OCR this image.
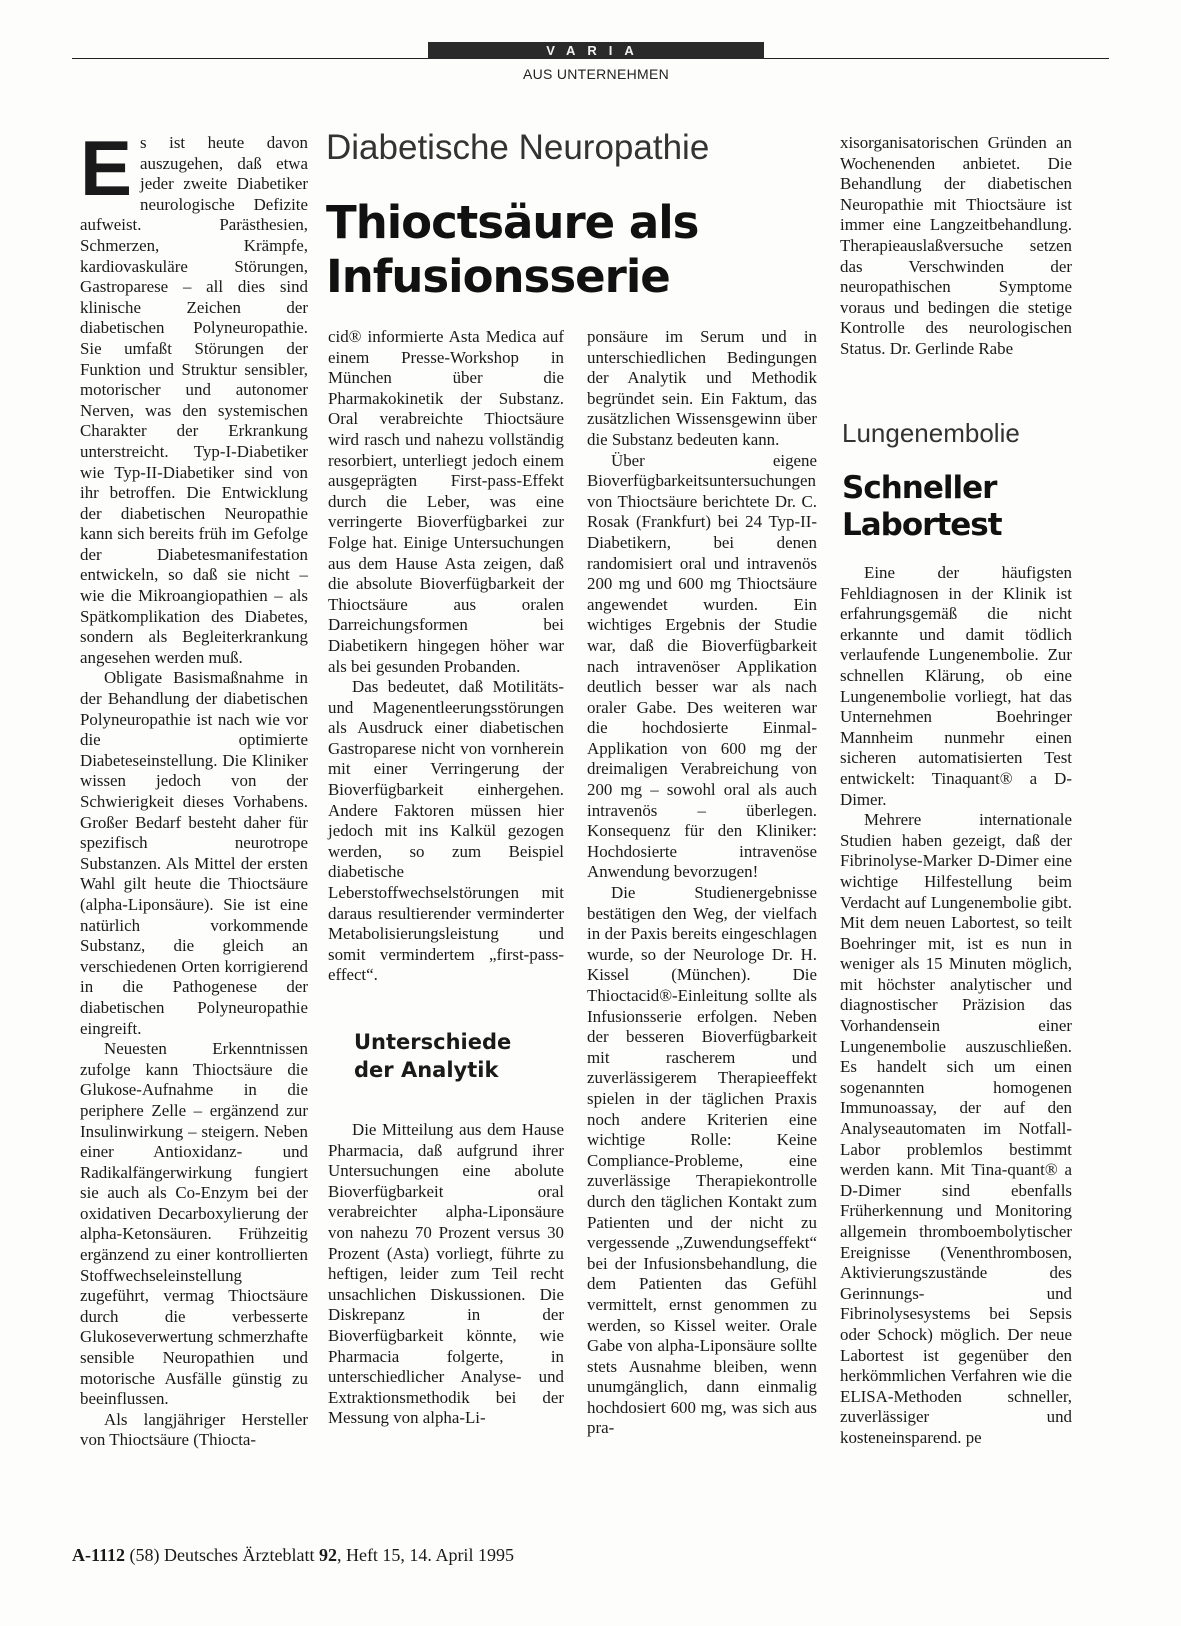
VARIA
AUS UNTERNEHMEN
Diabetische Neuropathie
Thioctsäure als
Infusionsserie

Es ist heute davon auszugehen, daß etwa jeder zweite Diabetiker neurologische Defizite aufweist. Parästhesien, Schmerzen, Krämpfe, kardiovaskuläre Störungen, Gastroparese – all dies sind klinische Zeichen der diabetischen Polyneuropathie. Sie umfaßt Störungen der Funktion und Struktur sensibler, motorischer und autonomer Nerven, was den systemischen Charakter der Erkrankung unterstreicht. Typ-I-Diabetiker wie Typ-II-Diabetiker sind von ihr betroffen. Die Entwicklung der diabetischen Neuropathie kann sich bereits früh im Gefolge der Diabetesmanifestation entwickeln, so daß sie nicht – wie die Mikroangiopathien – als Spätkomplikation des Diabetes, sondern als Begleiterkrankung angesehen werden muß.

Obligate Basismaßnahme in der Behandlung der diabetischen Polyneuropathie ist nach wie vor die optimierte Diabeteseinstellung. Die Kliniker wissen jedoch von der Schwierigkeit dieses Vorhabens. Großer Bedarf besteht daher für spezifisch neurotrope Substanzen. Als Mittel der ersten Wahl gilt heute die Thioctsäure (alpha-Liponsäure). Sie ist eine natürlich vorkommende Substanz, die gleich an verschiedenen Orten korrigierend in die Pathogenese der diabetischen Polyneuropathie eingreift.

Neuesten Erkenntnissen zufolge kann Thioctsäure die Glukose-Aufnahme in die periphere Zelle – ergänzend zur Insulinwirkung – steigern. Neben einer Antioxidanz- und Radikalfängerwirkung fungiert sie auch als Co-Enzym bei der oxidativen Decarboxylierung der alpha-Ketonsäuren. Frühzeitig ergänzend zu einer kontrollierten Stoffwechseleinstellung zugeführt, vermag Thioctsäure durch die verbesserte Glukoseverwertung schmerzhafte sensible Neuropathien und motorische Ausfälle günstig zu beeinflussen.

Als langjähriger Hersteller von Thioctsäure (Thiocta-

cid® informierte Asta Medica auf einem Presse-Workshop in München über die Pharmakokinetik der Substanz. Oral verabreichte Thioctsäure wird rasch und nahezu vollständig resorbiert, unterliegt jedoch einem ausgeprägten First-pass-Effekt durch die Leber, was eine verringerte Bioverfügbarkei zur Folge hat. Einige Untersuchungen aus dem Hause Asta zeigen, daß die absolute Bioverfügbarkeit der Thioctsäure aus oralen Darreichungsformen bei Diabetikern hingegen höher war als bei gesunden Probanden.

Das bedeutet, daß Motilitäts- und Magenentleerungsstörungen als Ausdruck einer diabetischen Gastroparese nicht von vornherein mit einer Verringerung der Bioverfügbarkeit einhergehen. Andere Faktoren müssen hier jedoch mit ins Kalkül gezogen werden, so zum Beispiel diabetische Leberstoffwechselstörungen mit daraus resultierender verminderter Metabolisierungsleistung und somit vermindertem „first-pass-effect“.

Unterschiede
der Analytik

Die Mitteilung aus dem Hause Pharmacia, daß aufgrund ihrer Untersuchungen eine abolute Bioverfügbarkeit oral verabreichter alpha-Liponsäure von nahezu 70 Prozent versus 30 Prozent (Asta) vorliegt, führte zu heftigen, leider zum Teil recht unsachlichen Diskussionen. Die Diskrepanz in der Bioverfügbarkeit könnte, wie Pharmacia folgerte, in unterschiedlicher Analyse- und Extraktionsmethodik bei der Messung von alpha-Li-

ponsäure im Serum und in unterschiedlichen Bedingungen der Analytik und Methodik begründet sein. Ein Faktum, das zusätzlichen Wissensgewinn über die Substanz bedeuten kann.

Über eigene Bioverfügbarkeitsuntersuchungen von Thioctsäure berichtete Dr. C. Rosak (Frankfurt) bei 24 Typ-II-Diabetikern, bei denen randomisiert oral und intravenös 200 mg und 600 mg Thioctsäure angewendet wurden. Ein wichtiges Ergebnis der Studie war, daß die Bioverfügbarkeit nach intravenöser Applikation deutlich besser war als nach oraler Gabe. Des weiteren war die hochdosierte Einmal-Applikation von 600 mg der dreimaligen Verabreichung von 200 mg – sowohl oral als auch intravenös – überlegen. Konsequenz für den Kliniker: Hochdosierte intravenöse Anwendung bevorzugen!

Die Studienergebnisse bestätigen den Weg, der vielfach in der Paxis bereits eingeschlagen wurde, so der Neurologe Dr. H. Kissel (München). Die Thioctacid®-Einleitung sollte als Infusionsserie erfolgen. Neben der besseren Bioverfügbarkeit mit rascherem und zuverlässigerem Therapieeffekt spielen in der täglichen Praxis noch andere Kriterien eine wichtige Rolle: Keine Compliance-Probleme, eine zuverlässige Therapiekontrolle durch den täglichen Kontakt zum Patienten und der nicht zu vergessende „Zuwendungseffekt“ bei der Infusionsbehandlung, die dem Patienten das Gefühl vermittelt, ernst genommen zu werden, so Kissel weiter. Orale Gabe von alpha-Liponsäure sollte stets Ausnahme bleiben, wenn unumgänglich, dann einmalig hochdosiert 600 mg, was sich aus pra-

xisorganisatorischen Gründen an Wochenenden anbietet. Die Behandlung der diabetischen Neuropathie mit Thioctsäure ist immer eine Langzeitbehandlung. Therapieauslaßversuche setzen das Verschwinden der neuropathischen Symptome voraus und bedingen die stetige Kontrolle des neurologischen Status. Dr. Gerlinde Rabe

Lungenembolie
Schneller
Labortest

Eine der häufigsten Fehldiagnosen in der Klinik ist erfahrungsgemäß die nicht erkannte und damit tödlich verlaufende Lungenembolie. Zur schnellen Klärung, ob eine Lungenembolie vorliegt, hat das Unternehmen Boehringer Mannheim nunmehr einen sicheren automatisierten Test entwickelt: Tinaquant® a D-Dimer.

Mehrere internationale Studien haben gezeigt, daß der Fibrinolyse-Marker D-Dimer eine wichtige Hilfestellung beim Verdacht auf Lungenembolie gibt. Mit dem neuen Labortest, so teilt Boehringer mit, ist es nun in weniger als 15 Minuten möglich, mit höchster analytischer und diagnostischer Präzision das Vorhandensein einer Lungenembolie auszuschließen. Es handelt sich um einen sogenannten homogenen Immunoassay, der auf den Analyseautomaten im Notfall-Labor problemlos bestimmt werden kann. Mit Tina-quant® a D-Dimer sind ebenfalls Früherkennung und Monitoring allgemein thromboembolytischer Ereignisse (Venenthrombosen, Aktivierungszustände des Gerinnungs- und Fibrinolysesystems bei Sepsis oder Schock) möglich. Der neue Labortest ist gegenüber den herkömmlichen Verfahren wie die ELISA-Methoden schneller, zuverlässiger und kosteneinsparend. pe

A-1112 (58) Deutsches Ärzteblatt 92, Heft 15, 14. April 1995
